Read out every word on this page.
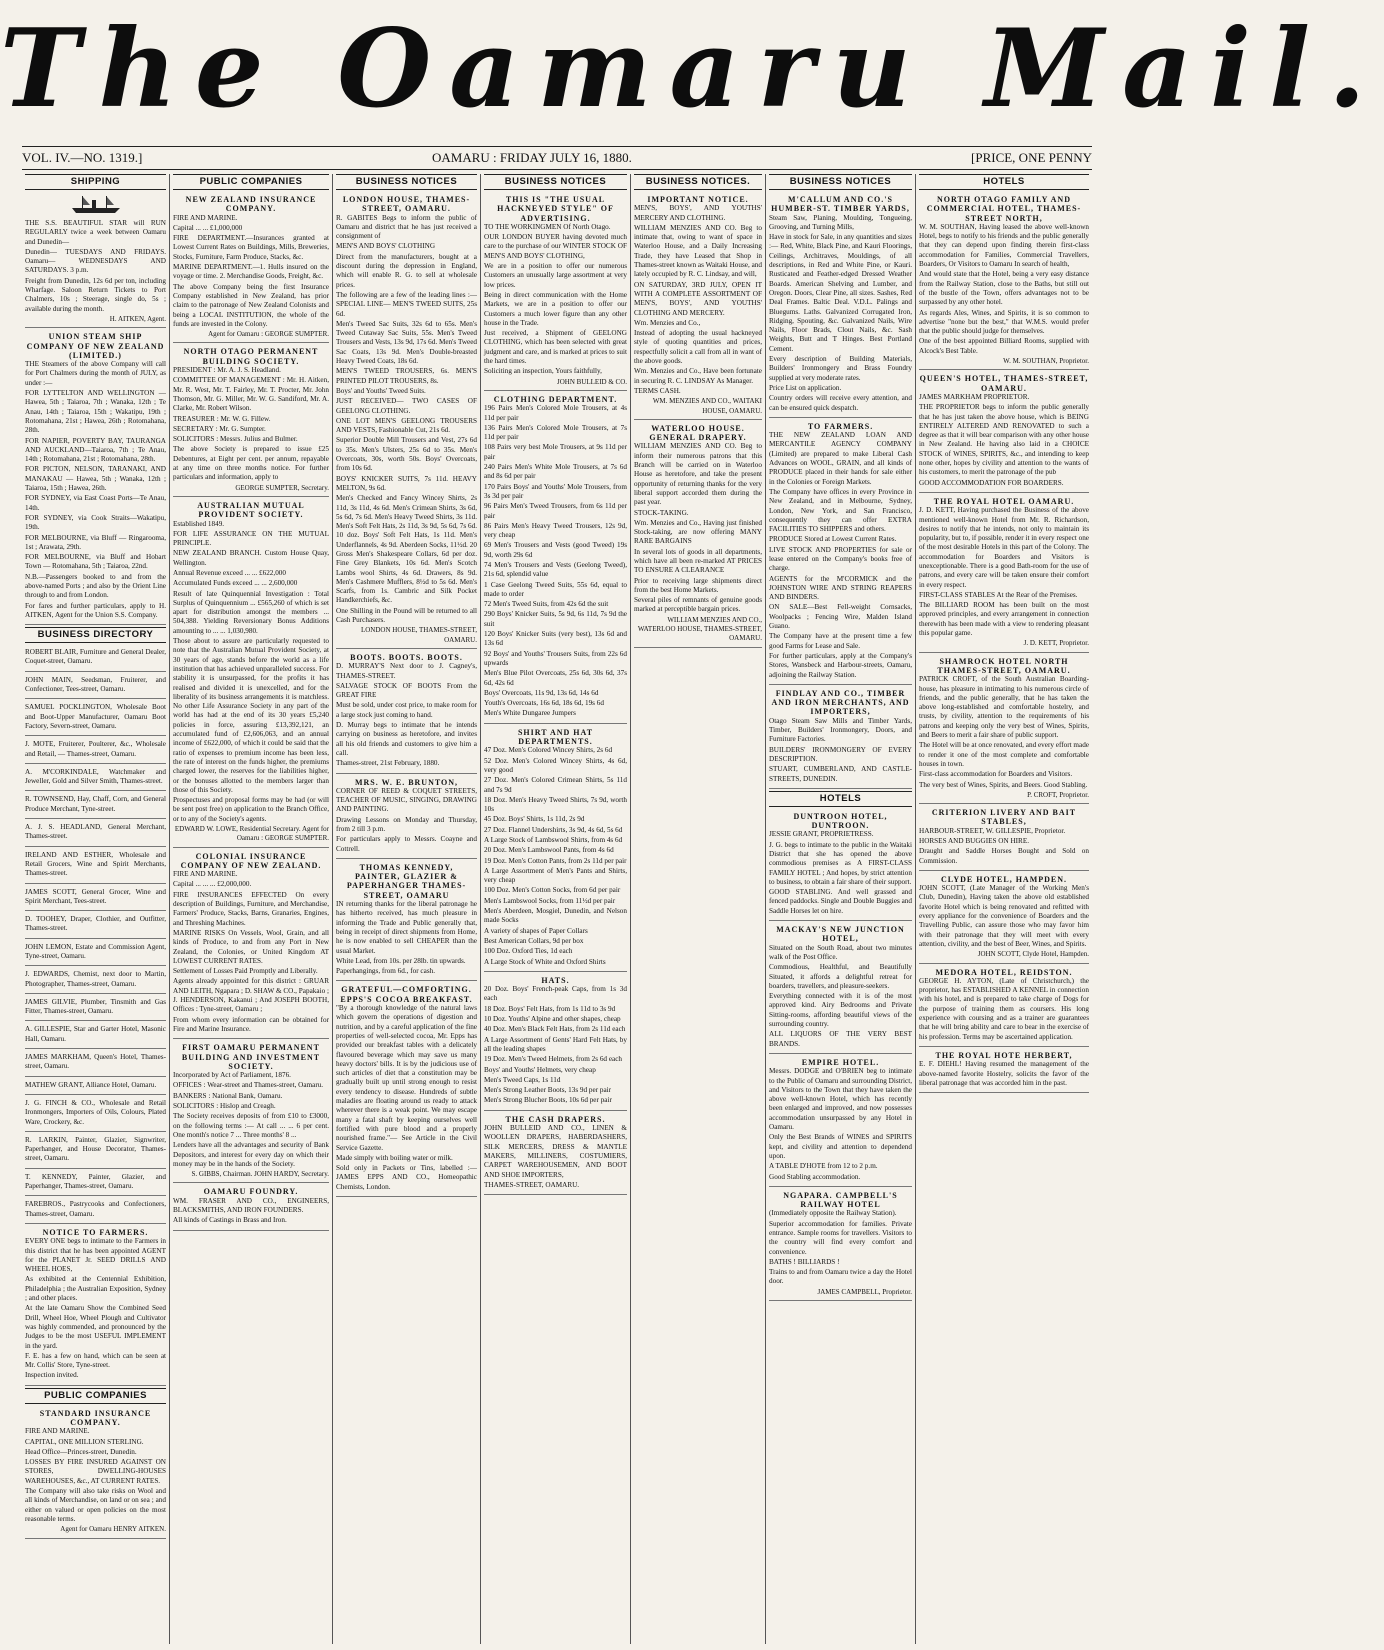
The Oamaru Mail.
VOL. IV.—NO. 1319.]	OAMARU : FRIDAY JULY 16, 1880.	[PRICE, ONE PENNY
SHIPPING

THE S.S. BEAUTIFUL STAR will RUN REGULARLY twice a week between Oamaru and Dunedin—

Dunedin— TUESDAYS AND FRIDAYS. Oamaru— WEDNESDAYS AND SATURDAYS. 3 p.m.

Freight from Dunedin, 12s 6d per ton, including Wharfage. Saloon Return Tickets to Port Chalmers, 10s ; Steerage, single do, 5s ; available during the month.

H. AITKEN, Agent.
UNION STEAM SHIP COMPANY OF NEW ZEALAND (LIMITED.)

THE Steamers of the above Company will call for Port Chalmers during the month of JULY, as under :—

FOR LYTTELTON AND WELLINGTON —Hawea, 5th ; Taiaroa, 7th ; Wanaka, 12th ; Te Anau, 14th ; Taiaroa, 15th ; Wakatipu, 19th ; Rotomahana, 21st ; Hawea, 26th ; Rotomahana, 28th.

FOR NAPIER, POVERTY BAY, TAURANGA AND AUCKLAND—Taiaroa, 7th ; Te Anau, 14th ; Rotomahana, 21st ; Rotomahana, 28th.

FOR PICTON, NELSON, TARANAKI, AND MANAKAU — Hawea, 5th ; Wanaka, 12th ; Taiaroa, 15th ; Hawea, 26th.

FOR SYDNEY, via East Coast Ports—Te Anau, 14th.

FOR SYDNEY, via Cook Straits—Wakatipu, 19th.

FOR MELBOURNE, via Bluff — Ringarooma, 1st ; Arawata, 29th.

FOR MELBOURNE, via Bluff and Hobart Town — Rotomahana, 5th ; Taiaroa, 22nd.

N.B.—Passengers booked to and from the above-named Ports ; and also by the Orient Line through to and from London.

For fares and further particulars, apply to H. AITKEN, Agent for the Union S.S. Company.

BUSINESS DIRECTORY

ROBERT BLAIR, Furniture and General Dealer, Coquet-street, Oamaru.

JOHN MAIN, Seedsman, Fruiterer, and Confectioner, Tees-street, Oamaru.

SAMUEL POCKLINGTON, Wholesale Boot and Boot-Upper Manufacturer, Oamaru Boot Factory, Severn-street, Oamaru.

J. MOTE, Fruiterer, Poulterer, &c., Wholesale and Retail, — Thames-street, Oamaru.

A. M'CORKINDALE, Watchmaker and Jeweller, Gold and Silver Smith, Thames-street.

R. TOWNSEND, Hay, Chaff, Corn, and General Produce Merchant, Tyne-street.

A. J. S. HEADLAND, General Merchant, Thames-street.

IRELAND AND ESTHER, Wholesale and Retail Grocers, Wine and Spirit Merchants, Thames-street.

JAMES SCOTT, General Grocer, Wine and Spirit Merchant, Tees-street.

D. TOOHEY, Draper, Clothier, and Outfitter, Thames-street.

JOHN LEMON, Estate and Commission Agent, Tyne-street, Oamaru.

J. EDWARDS, Chemist, next door to Martin, Photographer, Thames-street, Oamaru.

JAMES GILVIE, Plumber, Tinsmith and Gas Fitter, Thames-street, Oamaru.

A. GILLESPIE, Star and Garter Hotel, Masonic Hall, Oamaru.

JAMES MARKHAM, Queen's Hotel, Thames-street, Oamaru.

MATHEW GRANT, Alliance Hotel, Oamaru.

J. G. FINCH & CO., Wholesale and Retail Ironmongers, Importers of Oils, Colours, Plated Ware, Crockery, &c.

R. LARKIN, Painter, Glazier, Signwriter, Paperhanger, and House Decorator, Thames-street, Oamaru.

T. KENNEDY, Painter, Glazier, and Paperhanger, Thames-street, Oamaru.

FAREBROS., Pastrycooks and Confectioners, Thames-street, Oamaru.

NOTICE TO FARMERS.

EVERY ONE begs to intimate to the Farmers in this district that he has been appointed AGENT for the PLANET Jr. SEED DRILLS AND WHEEL HOES,

As exhibited at the Centennial Exhibition, Philadelphia ; the Australian Exposition, Sydney ; and other places.

At the late Oamaru Show the Combined Seed Drill, Wheel Hoe, Wheel Plough and Cultivator was highly commended, and pronounced by the Judges to be the most USEFUL IMPLEMENT in the yard.

F. E. has a few on hand, which can be seen at Mr. Collis' Store, Tyne-street.

Inspection invited.

PUBLIC COMPANIES
STANDARD INSURANCE COMPANY.

FIRE AND MARINE.

CAPITAL, ONE MILLION STERLING.

Head Office—Princes-street, Dunedin.

LOSSES BY FIRE INSURED AGAINST ON STORES, DWELLING-HOUSES WAREHOUSES, &c., AT CURRENT RATES.

The Company will also take risks on Wool and all kinds of Merchandise, on land or on sea ; and either on valued or open policies on the most reasonable terms.

Agent for Oamaru HENRY AITKEN.
PUBLIC COMPANIES
NEW ZEALAND INSURANCE COMPANY.

FIRE AND MARINE.

Capital ... ... £1,000,000

FIRE DEPARTMENT.—Insurances granted at Lowest Current Rates on Buildings, Mills, Breweries, Stocks, Furniture, Farm Produce, Stacks, &c.

MARINE DEPARTMENT.—1. Hulls insured on the voyage or time. 2. Merchandise Goods, Freight, &c.

The above Company being the first Insurance Company established in New Zealand, has prior claim to the patronage of New Zealand Colonists and being a LOCAL INSTITUTION, the whole of the funds are invested in the Colony.

Agent for Oamaru : GEORGE SUMPTER.
NORTH OTAGO PERMANENT BUILDING SOCIETY.

PRESIDENT : Mr. A. J. S. Headland.

COMMITTEE OF MANAGEMENT : Mr. H. Aitken, Mr. R. West, Mr. T. Fairley, Mr. T. Procter, Mr. John Thomson, Mr. G. Miller, Mr. W. G. Sandiford, Mr. A. Clarke, Mr. Robert Wilson.

TREASURER : Mr. W. G. Fillew.

SECRETARY : Mr. G. Sumpter.

SOLICITORS : Messrs. Julius and Bulmer.

The above Society is prepared to issue £25 Debentures, at Eight per cent. per annum, repayable at any time on three months notice. For further particulars and information, apply to

GEORGE SUMPTER, Secretary.
AUSTRALIAN MUTUAL PROVIDENT SOCIETY.

Established 1849.

FOR LIFE ASSURANCE ON THE MUTUAL PRINCIPLE.

NEW ZEALAND BRANCH. Custom House Quay, Wellington.

Annual Revenue exceed ... ... £622,000

Accumulated Funds exceed ... ... 2,600,000

Result of late Quinquennial Investigation : Total Surplus of Quinquennium ... £565,260 of which is set apart for distribution amongst the members ... 504,388. Yielding Reversionary Bonus Additions amounting to ... ... 1,030,980.

Those about to assure are particularly requested to note that the Australian Mutual Provident Society, at 30 years of age, stands before the world as a life institution that has achieved unparalleled success. For stability it is unsurpassed, for the profits it has realised and divided it is unexcelled, and for the liberality of its business arrangements it is matchless. No other Life Assurance Society in any part of the world has had at the end of its 30 years £5,240 policies in force, assuring £13,392,121, an accumulated fund of £2,606,063, and an annual income of £622,000, of which it could be said that the ratio of expenses to premium income has been less, the rate of interest on the funds higher, the premiums charged lower, the reserves for the liabilities higher, or the bonuses allotted to the members larger than those of this Society.

Prospectuses and proposal forms may be had (or will be sent post free) on application to the Branch Office, or to any of the Society's agents.

EDWARD W. LOWE, Residential Secretary. Agent for Oamaru : GEORGE SUMPTER.
COLONIAL INSURANCE COMPANY OF NEW ZEALAND.

FIRE AND MARINE.

Capital ... ... ... £2,000,000.

FIRE INSURANCES EFFECTED On every description of Buildings, Furniture, and Merchandise, Farmers' Produce, Stacks, Barns, Granaries, Engines, and Threshing Machines.

MARINE RISKS On Vessels, Wool, Grain, and all kinds of Produce, to and from any Port in New Zealand, the Colonies, or United Kingdom AT LOWEST CURRENT RATES.

Settlement of Losses Paid Promptly and Liberally.

Agents already appointed for this district : GRUAR AND LEITH, Ngapara ; D. SHAW & CO., Papakaio ; J. HENDERSON, Kakanui ; And JOSEPH BOOTH, Offices : Tyne-street, Oamaru ;

From whom every information can be obtained for Fire and Marine Insurance.

FIRST OAMARU PERMANENT BUILDING AND INVESTMENT SOCIETY.

Incorporated by Act of Parliament, 1876.

OFFICES : Wear-street and Thames-street, Oamaru.

BANKERS : National Bank, Oamaru.

SOLICITORS : Hislop and Creagh.

The Society receives deposits of from £10 to £3000, on the following terms :— At call ... ... 6 per cent. One month's notice 7 ... Three months' 8 ...

Lenders have all the advantages and security of Bank Depositors, and interest for every day on which their money may be in the hands of the Society.

S. GIBBS, Chairman. JOHN HARDY, Secretary.
OAMARU FOUNDRY.

WM. FRASER AND CO., ENGINEERS, BLACKSMITHS, AND IRON FOUNDERS.

All kinds of Castings in Brass and Iron.

BUSINESS NOTICES
LONDON HOUSE, THAMES-STREET, OAMARU.

R. GABITES Begs to inform the public of Oamaru and district that he has just received a consignment of

MEN'S AND BOYS' CLOTHING

Direct from the manufacturers, bought at a discount during the depression in England, which will enable R. G. to sell at wholesale prices.

The following are a few of the leading lines :— SPECIAL LINE— MEN'S TWEED SUITS, 25s 6d.

Men's Tweed Sac Suits, 32s 6d to 65s. Men's Tweed Cutaway Sac Suits, 55s. Men's Tweed Trousers and Vests, 13s 9d, 17s 6d. Men's Tweed Sac Coats, 13s 9d. Men's Double-breasted Heavy Tweed Coats, 18s 6d.

MEN'S TWEED TROUSERS, 6s. MEN'S PRINTED PILOT TROUSERS, 8s.

Boys' and Youths' Tweed Suits.

JUST RECEIVED— TWO CASES OF GEELONG CLOTHING.

ONE LOT MEN'S GEELONG TROUSERS AND VESTS, Fashionable Cut, 21s 6d.

Superior Double Mill Trousers and Vest, 27s 6d to 35s. Men's Ulsters, 25s 6d to 35s. Men's Overcoats, 30s, worth 50s. Boys' Overcoats, from 10s 6d.

BOYS' KNICKER SUITS, 7s 11d. HEAVY MELTON, 9s 6d.

Men's Checked and Fancy Wincey Shirts, 2s 11d, 3s 11d, 4s 6d. Men's Crimean Shirts, 3s 6d, 5s 6d, 7s 6d. Men's Heavy Tweed Shirts, 3s 11d. Men's Soft Felt Hats, 2s 11d, 3s 9d, 5s 6d, 7s 6d. 10 doz. Boys' Soft Felt Hats, 1s 11d. Men's Underflannels, 4s 9d. Aberdeen Socks, 11½d. 20 Gross Men's Shakespeare Collars, 6d per doz. Fine Grey Blankets, 10s 6d. Men's Scotch Lambs wool Shirts, 4s 6d. Drawers, 8s 9d. Men's Cashmere Mufflers, 8½d to 5s 6d. Men's Scarfs, from 1s. Cambric and Silk Pocket Handkerchiefs, &c.

One Shilling in the Pound will be returned to all Cash Purchasers.

LONDON HOUSE, THAMES-STREET, OAMARU.
BOOTS. BOOTS. BOOTS.

D. MURRAY'S Next door to J. Cagney's, THAMES-STREET.

SALVAGE STOCK OF BOOTS From the GREAT FIRE

Must be sold, under cost price, to make room for a large stock just coming to hand.

D. Murray begs to intimate that he intends carrying on business as heretofore, and invites all his old friends and customers to give him a call.

Thames-street, 21st February, 1880.

MRS. W. E. BRUNTON,

CORNER OF REED & COQUET STREETS, TEACHER OF MUSIC, SINGING, DRAWING AND PAINTING.

Drawing Lessons on Monday and Thursday, from 2 till 3 p.m.

For particulars apply to Messrs. Coayne and Cottrell.

THOMAS KENNEDY, PAINTER, GLAZIER & PAPERHANGER THAMES-STREET, OAMARU

IN returning thanks for the liberal patronage he has hitherto received, has much pleasure in informing the Trade and Public generally that, being in receipt of direct shipments from Home, he is now enabled to sell CHEAPER than the usual Market.

White Lead, from 10s. per 28lb. tin upwards.

Paperhangings, from 6d., for cash.

GRATEFUL—COMFORTING. EPPS'S COCOA BREAKFAST.

"By a thorough knowledge of the natural laws which govern the operations of digestion and nutrition, and by a careful application of the fine properties of well-selected cocoa, Mr. Epps has provided our breakfast tables with a delicately flavoured beverage which may save us many heavy doctors' bills. It is by the judicious use of such articles of diet that a constitution may be gradually built up until strong enough to resist every tendency to disease. Hundreds of subtle maladies are floating around us ready to attack wherever there is a weak point. We may escape many a fatal shaft by keeping ourselves well fortified with pure blood and a properly nourished frame."— See Article in the Civil Service Gazette.

Made simply with boiling water or milk.

Sold only in Packets or Tins, labelled :— JAMES EPPS AND CO., Homeopathic Chemists, London.

BUSINESS NOTICES
THIS IS "THE USUAL HACKNEYED STYLE" OF ADVERTISING.

TO THE WORKINGMEN Of North Otago.

OUR LONDON BUYER having devoted much care to the purchase of our WINTER STOCK OF MEN'S AND BOYS' CLOTHING,

We are in a position to offer our numerous Customers an unusually large assortment at very low prices.

Being in direct communication with the Home Markets, we are in a position to offer our Customers a much lower figure than any other house in the Trade.

Just received, a Shipment of GEELONG CLOTHING, which has been selected with great judgment and care, and is marked at prices to suit the hard times.

Soliciting an inspection, Yours faithfully,

JOHN BULLEID & CO.
CLOTHING DEPARTMENT.

196 Pairs Men's Colored Mole Trousers, at 4s 11d per pair

136 Pairs Men's Colored Mole Trousers, at 7s 11d per pair

108 Pairs very best Mole Trousers, at 9s 11d per pair

240 Pairs Men's White Mole Trousers, at 7s 6d and 8s 6d per pair

170 Pairs Boys' and Youths' Mole Trousers, from 3s 3d per pair

96 Pairs Men's Tweed Trousers, from 6s 11d per pair

86 Pairs Men's Heavy Tweed Trousers, 12s 9d, very cheap

69 Men's Trousers and Vests (good Tweed) 19s 9d, worth 29s 6d

74 Men's Trousers and Vests (Geelong Tweed), 21s 6d, splendid value

1 Case Geelong Tweed Suits, 55s 6d, equal to made to order

72 Men's Tweed Suits, from 42s 6d the suit

290 Boys' Knicker Suits, 5s 9d, 6s 11d, 7s 9d the suit

120 Boys' Knicker Suits (very best), 13s 6d and 13s 6d

92 Boys' and Youths' Trousers Suits, from 22s 6d upwards

Men's Blue Pilot Overcoats, 25s 6d, 30s 6d, 37s 6d, 42s 6d

Boys' Overcoats, 11s 9d, 13s 6d, 14s 6d

Youth's Overcoats, 16s 6d, 18s 6d, 19s 6d

Men's White Dungaree Jumpers

SHIRT AND HAT DEPARTMENTS.

47 Doz. Men's Colored Wincey Shirts, 2s 6d

52 Doz. Men's Colored Wincey Shirts, 4s 6d, very good

27 Doz. Men's Colored Crimean Shirts, 5s 11d and 7s 9d

18 Doz. Men's Heavy Tweed Shirts, 7s 9d, worth 10s

45 Doz. Boys' Shirts, 1s 11d, 2s 9d

27 Doz. Flannel Undershirts, 3s 9d, 4s 6d, 5s 6d

A Large Stock of Lambswool Shirts, from 4s 6d

20 Doz. Men's Lambswool Pants, from 4s 6d

19 Doz. Men's Cotton Pants, from 2s 11d per pair

A Large Assortment of Men's Pants and Shirts, very cheap

100 Doz. Men's Cotton Socks, from 6d per pair

Men's Lambswool Socks, from 11½d per pair

Men's Aberdeen, Mosgiel, Dunedin, and Nelson made Socks

A variety of shapes of Paper Collars

Best American Collars, 9d per box

100 Doz. Oxford Ties, 1d each

A Large Stock of White and Oxford Shirts

HATS.

20 Doz. Boys' French-peak Caps, from 1s 3d each

18 Doz. Boys' Felt Hats, from 1s 11d to 3s 9d

10 Doz. Youths' Alpine and other shapes, cheap

40 Doz. Men's Black Felt Hats, from 2s 11d each

A Large Assortment of Gents' Hard Felt Hats, by all the leading shapes

19 Doz. Men's Tweed Helmets, from 2s 6d each

Boys' and Youths' Helmets, very cheap

Men's Tweed Caps, 1s 11d

Men's Strong Leather Boots, 13s 9d per pair

Men's Strong Blucher Boots, 10s 6d per pair

THE CASH DRAPERS.

JOHN BULLEID AND CO., LINEN & WOOLLEN DRAPERS, HABERDASHERS, SILK MERCERS, DRESS & MANTLE MAKERS, MILLINERS, COSTUMIERS, CARPET WAREHOUSEMEN, AND BOOT AND SHOE IMPORTERS,

THAMES-STREET, OAMARU.

BUSINESS NOTICES.
IMPORTANT NOTICE.

MEN'S, BOYS', AND YOUTHS' MERCERY AND CLOTHING.

WILLIAM MENZIES AND CO. Beg to intimate that, owing to want of space in Waterloo House, and a Daily Increasing Trade, they have Leased that Shop in Thames-street known as Waitaki House, and lately occupied by R. C. Lindsay, and will,

ON SATURDAY, 3RD JULY, OPEN IT WITH A COMPLETE ASSORTMENT OF MEN'S, BOYS', AND YOUTHS' CLOTHING AND MERCERY.

Wm. Menzies and Co.,

Instead of adopting the usual hackneyed style of quoting quantities and prices, respectfully solicit a call from all in want of the above goods.

Wm. Menzies and Co., Have been fortunate in securing R. C. LINDSAY As Manager.

TERMS CASH.

WM. MENZIES AND CO., WAITAKI HOUSE, OAMARU.
WATERLOO HOUSE. GENERAL DRAPERY.

WILLIAM MENZIES AND CO. Beg to inform their numerous patrons that this Branch will be carried on in Waterloo House as heretofore, and take the present opportunity of returning thanks for the very liberal support accorded them during the past year.

STOCK-TAKING.

Wm. Menzies and Co., Having just finished Stock-taking, are now offering MANY RARE BARGAINS

In several lots of goods in all departments, which have all been re-marked AT PRICES TO ENSURE A CLEARANCE

Prior to receiving large shipments direct from the best Home Markets.

Several piles of remnants of genuine goods marked at perceptible bargain prices.

WILLIAM MENZIES AND CO., WATERLOO HOUSE, THAMES-STREET, OAMARU.
BUSINESS NOTICES
M'CALLUM AND CO.'S HUMBER-ST. TIMBER YARDS,

Steam Saw, Planing, Moulding, Tongueing, Grooving, and Turning Mills,

Have in stock for Sale, in any quantities and sizes :— Red, White, Black Pine, and Kauri Floorings, Ceilings, Architraves, Mouldings, of all descriptions, in Red and White Pine, or Kauri. Rusticated and Feather-edged Dressed Weather Boards. American Shelving and Lumber, and Oregon. Doors, Clear Pine, all sizes. Sashes, Red Deal Frames. Baltic Deal. V.D.L. Palings and Bluegums. Laths. Galvanized Corrugated Iron, Ridging, Spouting, &c. Galvanized Nails, Wire Nails, Floor Brads, Clout Nails, &c. Sash Weights, Butt and T Hinges. Best Portland Cement.

Every description of Building Materials, Builders' Ironmongery and Brass Foundry supplied at very moderate rates.

Price List on application.

Country orders will receive every attention, and can be ensured quick despatch.

TO FARMERS.

THE NEW ZEALAND LOAN AND MERCANTILE AGENCY COMPANY (Limited) are prepared to make Liberal Cash Advances on WOOL, GRAIN, and all kinds of PRODUCE placed in their hands for sale either in the Colonies or Foreign Markets.

The Company have offices in every Province in New Zealand, and in Melbourne, Sydney, London, New York, and San Francisco, consequently they can offer EXTRA FACILITIES TO SHIPPERS and others.

PRODUCE Stored at Lowest Current Rates.

LIVE STOCK AND PROPERTIES for sale or lease entered on the Company's books free of charge.

AGENTS for the M'CORMICK and the JOHNSTON WIRE AND STRING REAPERS AND BINDERS.

ON SALE—Best Fell-weight Cornsacks, Woolpacks ; Fencing Wire, Malden Island Guano.

The Company have at the present time a few good Farms for Lease and Sale.

For further particulars, apply at the Company's Stores, Wansbeck and Harbour-streets, Oamaru, adjoining the Railway Station.

FINDLAY AND CO., TIMBER AND IRON MERCHANTS, AND IMPORTERS,

Otago Steam Saw Mills and Timber Yards, Timber, Builders' Ironmongery, Doors, and Furniture Factories.

BUILDERS' IRONMONGERY OF EVERY DESCRIPTION.

STUART, CUMBERLAND, AND CASTLE-STREETS, DUNEDIN.

HOTELS
DUNTROON HOTEL, DUNTROON.

JESSIE GRANT, PROPRIETRESS.

J. G. begs to intimate to the public in the Waitaki District that she has opened the above commodious premises as A FIRST-CLASS FAMILY HOTEL ; And hopes, by strict attention to business, to obtain a fair share of their support.

GOOD STABLING. And well grassed and fenced paddocks. Single and Double Buggies and Saddle Horses let on hire.

MACKAY'S NEW JUNCTION HOTEL,

Situated on the South Road, about two minutes walk of the Post Office.

Commodious, Healthful, and Beautifully Situated, it affords a delightful retreat for boarders, travellers, and pleasure-seekers.

Everything connected with it is of the most approved kind. Airy Bedrooms and Private Sitting-rooms, affording beautiful views of the surrounding country.

ALL LIQUORS OF THE VERY BEST BRANDS.

EMPIRE HOTEL.

Messrs. DODGE and O'BRIEN beg to intimate to the Public of Oamaru and surrounding District, and Visitors to the Town that they have taken the above well-known Hotel, which has recently been enlarged and improved, and now possesses accommodation unsurpassed by any Hotel in Oamaru.

Only the Best Brands of WINES and SPIRITS kept, and civility and attention to dependend upon.

A TABLE D'HOTE from 12 to 2 p.m.

Good Stabling accommodation.

NGAPARA. CAMPBELL'S RAILWAY HOTEL

(Immediately opposite the Railway Station).

Superior accommodation for families. Private entrance. Sample rooms for travellers. Visitors to the country will find every comfort and convenience.

BATHS ! BILLIARDS !

Trains to and from Oamaru twice a day the Hotel door.

JAMES CAMPBELL, Proprietor.
HOTELS
NORTH OTAGO FAMILY AND COMMERCIAL HOTEL, THAMES-STREET NORTH,

W. M. SOUTHAN, Having leased the above well-known Hotel, begs to notify to his friends and the public generally that they can depend upon finding therein first-class accommodation for Families, Commercial Travellers, Boarders, Or Visitors to Oamaru In search of health,

And would state that the Hotel, being a very easy distance from the Railway Station, close to the Baths, but still out of the bustle of the Town, offers advantages not to be surpassed by any other hotel.

As regards Ales, Wines, and Spirits, it is so common to advertise "none but the best," that W.M.S. would prefer that the public should judge for themselves.

One of the best appointed Billiard Rooms, supplied with Alcock's Best Table.

W. M. SOUTHAN, Proprietor.
QUEEN'S HOTEL, THAMES-STREET, OAMARU.

JAMES MARKHAM PROPRIETOR.

THE PROPRIETOR begs to inform the public generally that he has just taken the above house, which is BEING ENTIRELY ALTERED AND RENOVATED to such a degree as that it will bear comparison with any other house in New Zealand. He having also laid in a CHOICE STOCK of WINES, SPIRITS, &c., and intending to keep none other, hopes by civility and attention to the wants of his customers, to merit the patronage of the pub

GOOD ACCOMMODATION FOR BOARDERS.

THE ROYAL HOTEL OAMARU.

J. D. KETT, Having purchased the Business of the above mentioned well-known Hotel from Mr. R. Richardson, desires to notify that he intends, not only to maintain its popularity, but to, if possible, render it in every respect one of the most desirable Hotels in this part of the Colony. The accommodation for Boarders and Visitors is unexceptionable. There is a good Bath-room for the use of patrons, and every care will be taken ensure their comfort in every respect.

FIRST-CLASS STABLES At the Rear of the Premises.

The BILLIARD ROOM has been built on the most approved principles, and every arrangement in connection therewith has been made with a view to rendering pleasant this popular game.

J. D. KETT, Proprietor.
SHAMROCK HOTEL NORTH THAMES-STREET, OAMARU.

PATRICK CROFT, of the South Australian Boarding-house, has pleasure in intimating to his numerous circle of friends, and the public generally, that he has taken the above long-established and comfortable hostelry, and trusts, by civility, attention to the requirements of his patrons and keeping only the very best of Wines, Spirits, and Beers to merit a fair share of public support.

The Hotel will be at once renovated, and every effort made to render it one of the most complete and comfortable houses in town.

First-class accommodation for Boarders and Visitors.

The very best of Wines, Spirits, and Beers. Good Stabling.

P. CROFT, Proprietor.
CRITERION LIVERY AND BAIT STABLES,

HARBOUR-STREET, W. GILLESPIE, Proprietor.

HORSES AND BUGGIES ON HIRE.

Draught and Saddle Horses Bought and Sold on Commission.

CLYDE HOTEL, HAMPDEN.

JOHN SCOTT, (Late Manager of the Working Men's Club, Dunedin), Having taken the above old established favorite Hotel which is being renovated and refitted with every appliance for the convenience of Boarders and the Travelling Public, can assure those who may favor him with their patronage that they will meet with every attention, civility, and the best of Beer, Wines, and Spirits.

JOHN SCOTT, Clyde Hotel, Hampden.
MEDORA HOTEL, REIDSTON.

GEORGE H. AYTON, (Late of Christchurch,) the proprietor, has ESTABLISHED A KENNEL in connection with his hotel, and is prepared to take charge of Dogs for the purpose of training them as coursers. His long experience with coursing and as a trainer are guarantees that he will bring ability and care to bear in the exercise of his profession. Terms may be ascertained application.

THE ROYAL HOTE HERBERT,

E. F. DIEHL! Having resumed the management of the above-named favorite Hostelry, solicits the favor of the liberal patronage that was accorded him in the past.
